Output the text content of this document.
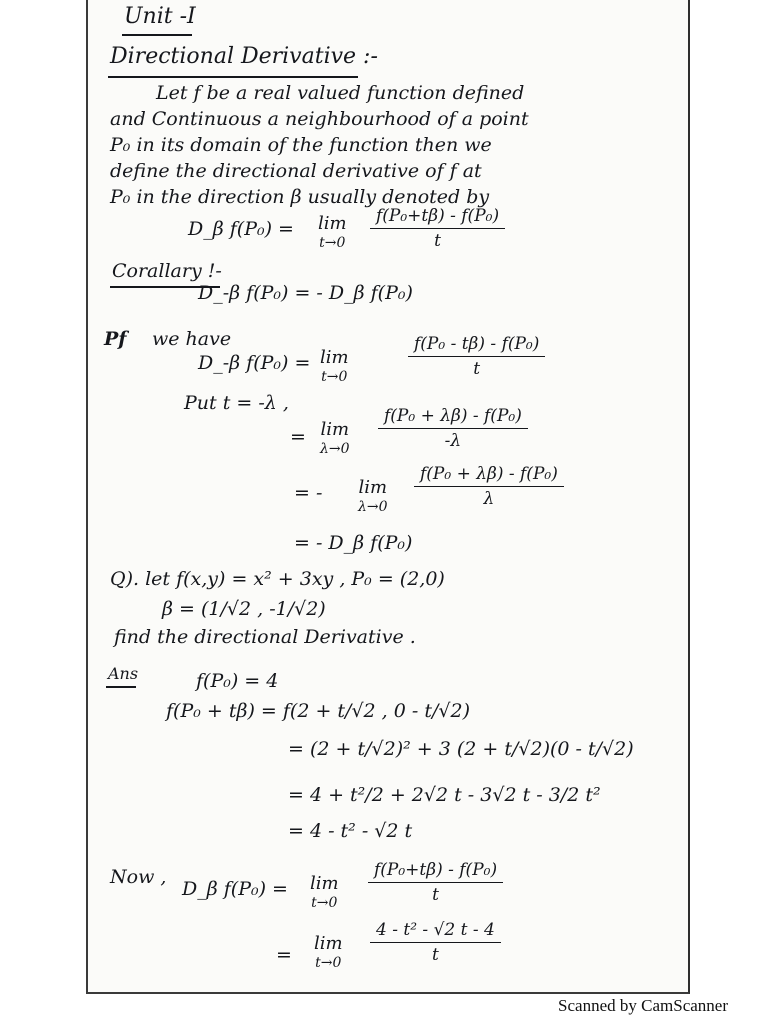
Unit -I
Directional Derivative :-
Let f be a real valued function defined
and Continuous a neighbourhood of a point
P₀ in its domain of the function then we
define the directional derivative of f at
P₀ in the direction β usually denoted by
D_β f(P₀) = lim
$t\to 0 \frac{\text{f(P₀+tβ) - f(P₀)}}{t}$
Corallary !-
D_-β f(P₀) = - D_β f(P₀)
Pf we have
D_-β f(P₀) = lim
t→0	$\frac{\text{f(P₀ - tβ) - f(P₀)}}{t}$
Put t = -λ ,
= lim
$\lambda\to 0 \frac{\text{f(P₀ + λβ) - f(P₀)}}{-\lambda}$
= - lim
$\lambda\to 0 \frac{\text{f(P₀ + λβ) - f(P₀)}}{\lambda}$
= - D_β f(P₀)
Q). let f(x,y) = x² + 3xy , P₀ = (2,0)
β = (1/√2 , -1/√2)
find the directional Derivative .
Ans	f(P₀) = 4
f(P₀ + tβ) = f(2 + t/√2 , 0 - t/√2)
= (2 + t/√2)² + 3 (2 + t/√2)(0 - t/√2)
= 4 + t²/2 + 2√2 t - 3√2 t - 3/2 t²
= 4 - t² - √2 t
Now ,
D_β f(P₀) = lim
$t\to 0 \frac{\text{f(P₀+tβ) - f(P₀)}}{t}$
=
lim
$t\to 0 \frac{\text{4 - t² - √2 t - 4}}{t}$
Scanned by CamScanner
